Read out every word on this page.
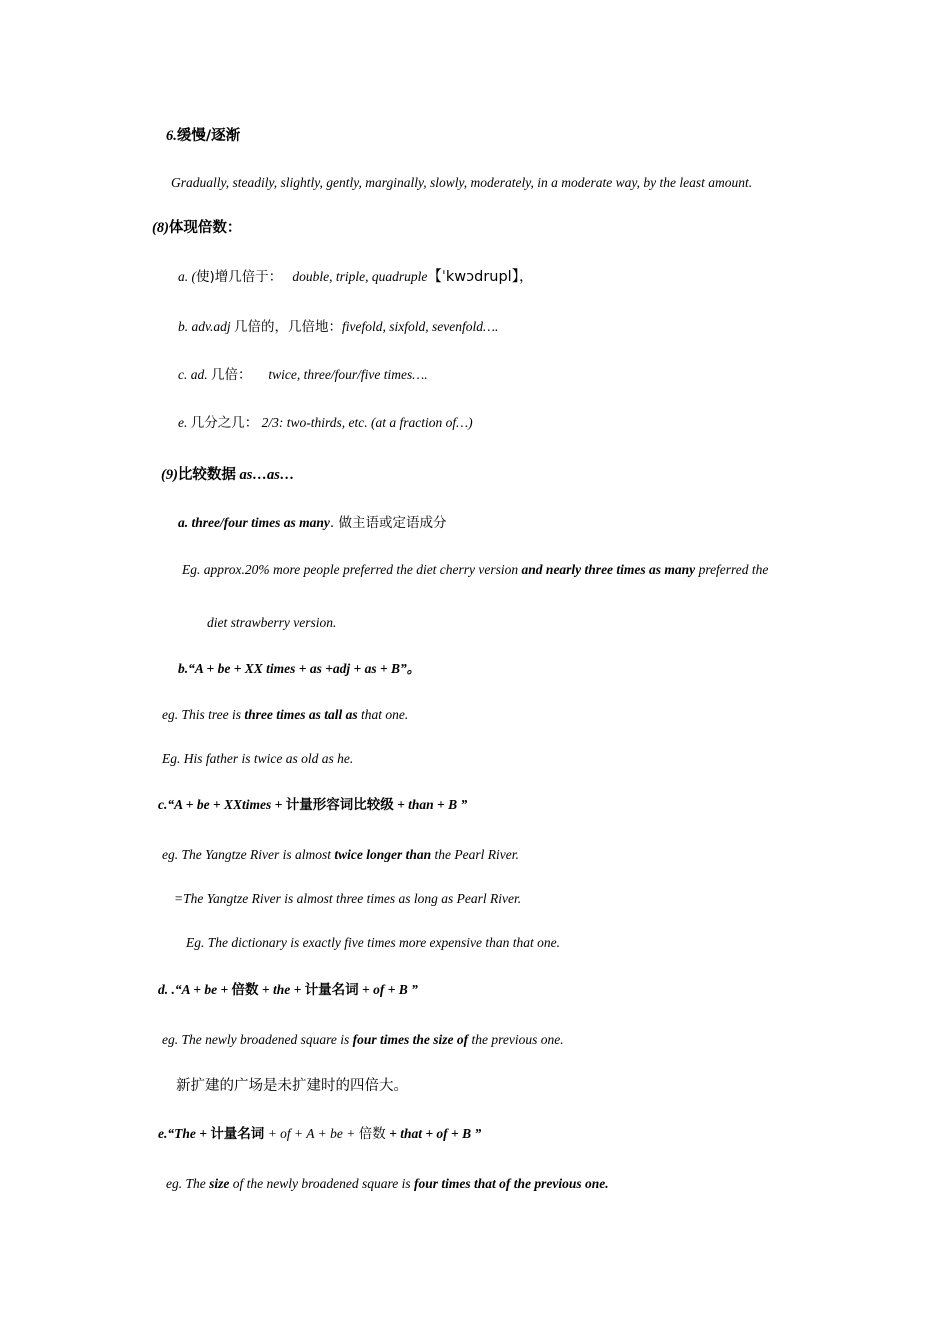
6.缓慢/逐渐
Gradually, steadily, slightly, gently, marginally, slowly, moderately, in a moderate way, by the least amount.
(8)体现倍数：
a. (使)增几倍于： double, triple, quadruple【ˈkwɔdrupl】，
b. adv.adj 几倍的，几倍地：fivefold, sixfold, sevenfold….
c. ad. 几倍： twice, three/four/five times….
e. 几分之几： 2/3: two-thirds, etc. (at a fraction of…)
(9)比较数据 as…as…
a. three/four times as many. 做主语或定语成分
Eg. approx.20% more people preferred the diet cherry version and nearly three times as many preferred the
diet strawberry version.
b.“A + be + XX times + as +adj + as + B”。
eg. This tree is three times as tall as that one.
Eg. His father is twice as old as he.
c.“A + be + XXtimes + 计量形容词比较级 + than + B ”
eg. The Yangtze River is almost twice longer than the Pearl River.
=The Yangtze River is almost three times as long as Pearl River.
Eg. The dictionary is exactly five times more expensive than that one.
d. .“A + be + 倍数 + the + 计量名词 + of + B ”
eg. The newly broadened square is four times the size of the previous one.
新扩建的广场是未扩建时的四倍大。
e.“The + 计量名词 + of + A + be + 倍数 + that + of + B ”
eg. The size of the newly broadened square is four times that of the previous one.
